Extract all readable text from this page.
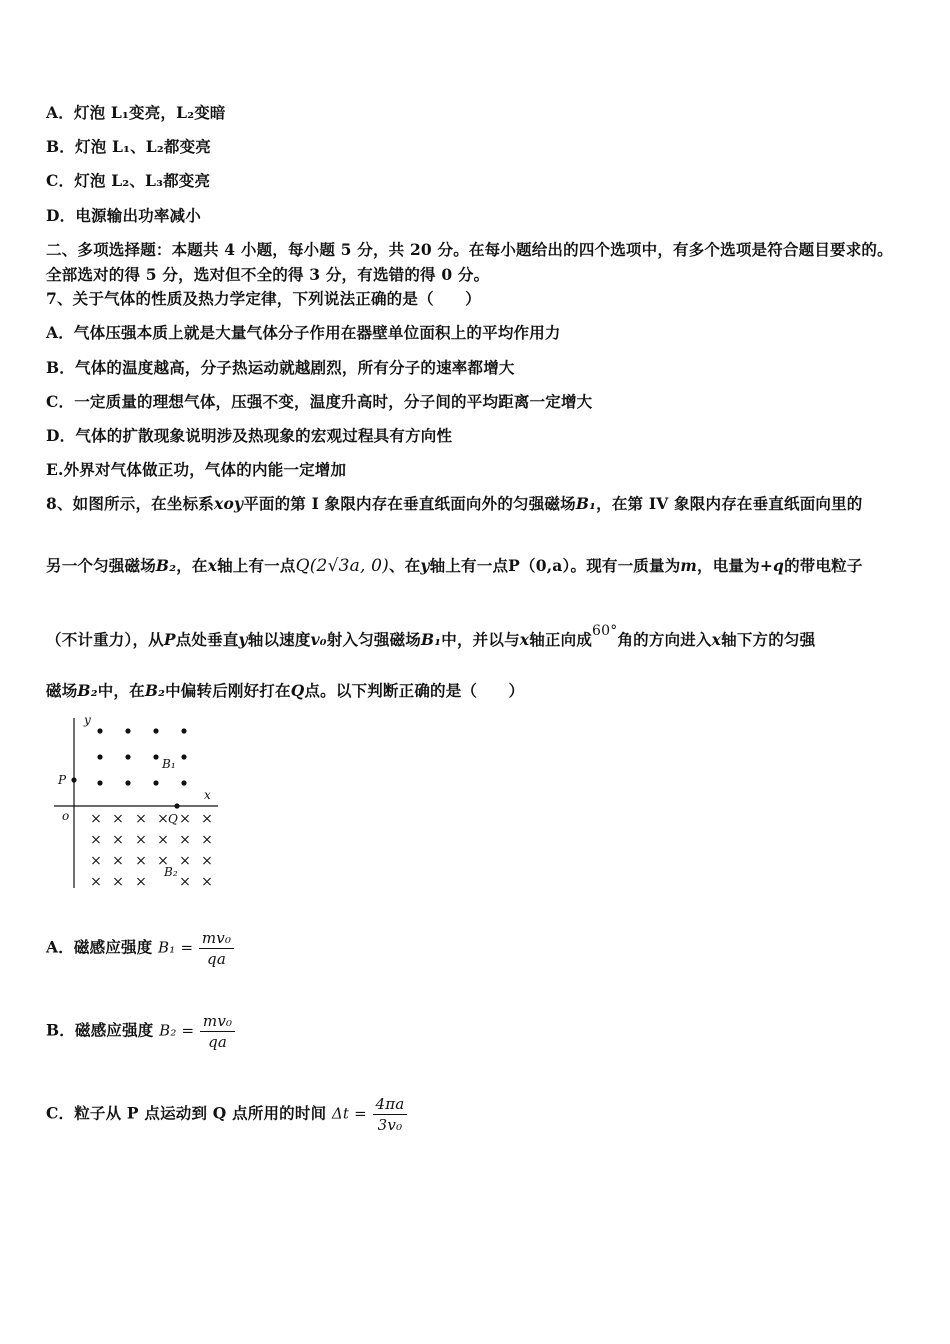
A．灯泡 L₁变亮，L₂变暗
B．灯泡 L₁、L₂都变亮
C．灯泡 L₂、L₃都变亮
D．电源输出功率减小
二、多项选择题：本题共 4 小题，每小题 5 分，共 20 分。在每小题给出的四个选项中，有多个选项是符合题目要求的。
全部选对的得 5 分，选对但不全的得 3 分，有选错的得 0 分。
7、关于气体的性质及热力学定律，下列说法正确的是（　　）
A．气体压强本质上就是大量气体分子作用在器壁单位面积上的平均作用力
B．气体的温度越高，分子热运动就越剧烈，所有分子的速率都增大
C．一定质量的理想气体，压强不变，温度升高时，分子间的平均距离一定增大
D．气体的扩散现象说明涉及热现象的宏观过程具有方向性
E.外界对气体做正功，气体的内能一定增加
8、如图所示，在坐标系xoy平面的第 I 象限内存在垂直纸面向外的匀强磁场B₁，在第 IV 象限内存在垂直纸面向里的
另一个匀强磁场B₂，在x轴上有一点Q(2√3a, 0)、在y轴上有一点P（0,a）。现有一质量为m，电量为+q的带电粒子
（不计重力），从P点处垂直y轴以速度v₀射入匀强磁场B₁中，并以与x轴正向成60°角的方向进入x轴下方的匀强
磁场B₂中，在B₂中偏转后刚好打在Q点。以下判断正确的是（　　）
y
x
o
P
B₁
Q
B₂
× × × × × ×
× × × × × ×
× × × × × ×
× × × × ×
A．磁感应强度 $B_1 = \frac{\text{mv₀}}{qa}$
B．磁感应强度 $B_2 = \frac{\text{mv₀}}{qa}$
C．粒子从 P 点运动到 Q 点所用的时间 $\Delta t = \frac{4\pi a}{\text{3v₀}}$
